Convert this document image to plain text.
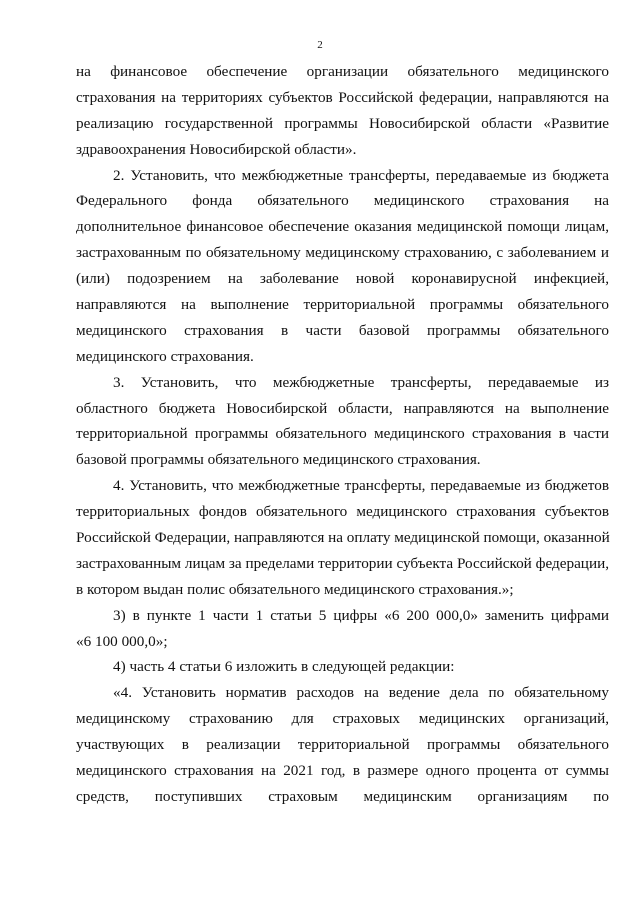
2
на финансовое обеспечение организации обязательного медицинского
страхования на территориях субъектов Российской федерации, направляются на
реализацию государственной программы Новосибирской области «Развитие
здравоохранения Новосибирской области».
2. Установить, что межбюджетные трансферты, передаваемые из бюджета
Федерального фонда обязательного медицинского страхования на
дополнительное финансовое обеспечение оказания медицинской помощи лицам,
застрахованным по обязательному медицинскому страхованию, с заболеванием и
(или) подозрением на заболевание новой коронавирусной инфекцией,
направляются на выполнение территориальной программы обязательного
медицинского страхования в части базовой программы обязательного
медицинского страхования.
3. Установить, что межбюджетные трансферты, передаваемые из
областного бюджета Новосибирской области, направляются на выполнение
территориальной программы обязательного медицинского страхования в части
базовой программы обязательного медицинского страхования.
4. Установить, что межбюджетные трансферты, передаваемые из бюджетов
территориальных фондов обязательного медицинского страхования субъектов
Российской Федерации, направляются на оплату медицинской помощи, оказанной
застрахованным лицам за пределами территории субъекта Российской федерации,
в котором выдан полис обязательного медицинского страхования.»;
3) в пункте 1 части 1 статьи 5 цифры «6 200 000,0» заменить цифрами
«6 100 000,0»;
4) часть 4 статьи 6 изложить в следующей редакции:
«4. Установить норматив расходов на ведение дела по обязательному
медицинскому страхованию для страховых медицинских организаций,
участвующих в реализации территориальной программы обязательного
медицинского страхования на 2021 год, в размере одного процента от суммы
средств, поступивших страховым медицинским организациям по
